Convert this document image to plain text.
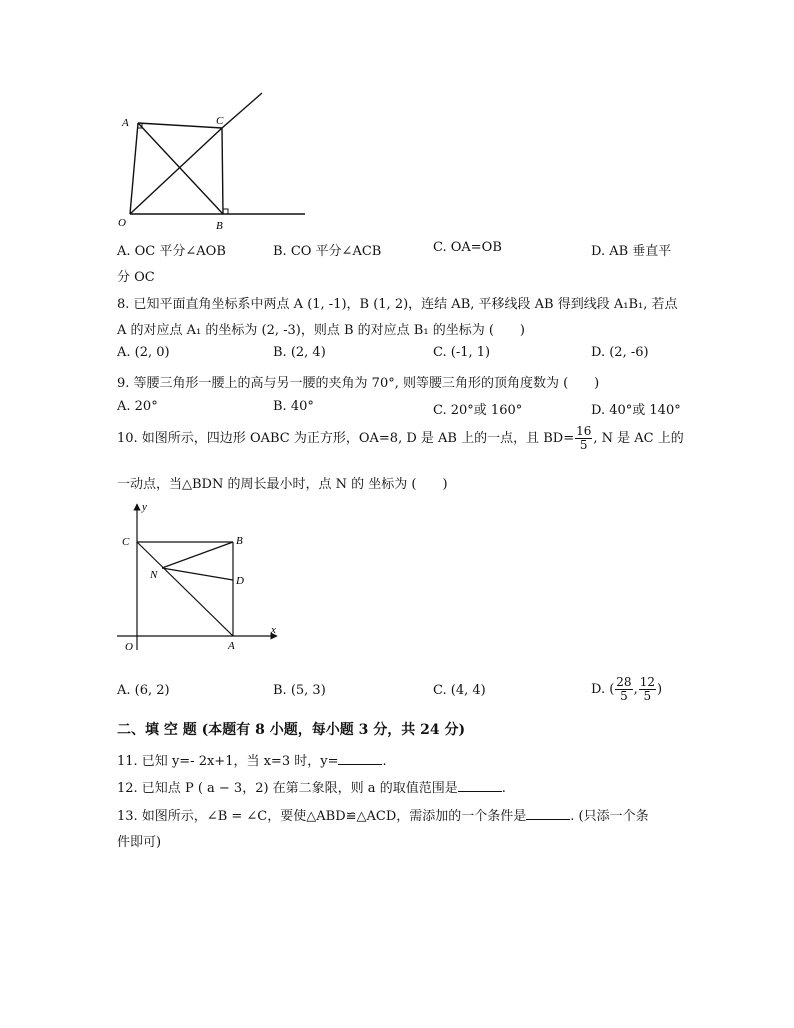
A	C
O	B
A. OC 平分∠AOB	B. CO 平分∠ACB	C. OA=OB	D. AB 垂直平
分 OC
8. 已知平面直角坐标系中两点 A (1, -1)，B (1, 2)，连结 AB, 平移线段 AB 得到线段 A₁B₁, 若点
A 的对应点 A₁ 的坐标为 (2, -3)，则点 B 的对应点 B₁ 的坐标为 (　　)
A. (2, 0)	B. (2, 4)	C. (-1, 1)	D. (2, -6)
9. 等腰三角形一腰上的高与另一腰的夹角为 70°, 则等腰三角形的顶角度数为 (　　)
A. 20°	B. 40°	C. 20°或 160°	D. 40°或 140°
10. 如图所示，四边形 OABC 为正方形，OA=8, D 是 AB 上的一点，且 $BD= \frac{16}{5}$ , N 是 AC 上的
一动点，当△BDN 的周长最小时，点 N 的 坐标为 (　　)
y
C	B
N	D
x
O	A
A. (6, 2)	B. (5, 3)	C. (4, 4)	D. ( $\frac{28}{5}$ , $\frac{12}{5}$ )
二、填 空 题 (本题有 8 小题，每小题 3 分，共 24 分)
11. 已知 y=- 2x+1，当 x=3 时，y=	.
12. 已知点 P ( a − 3，2) 在第二象限，则 a 的取值范围是	.
13. 如图所示，∠B = ∠C，要使△ABD≌△ACD，需添加的一个条件是	. (只添一个条
件即可)
